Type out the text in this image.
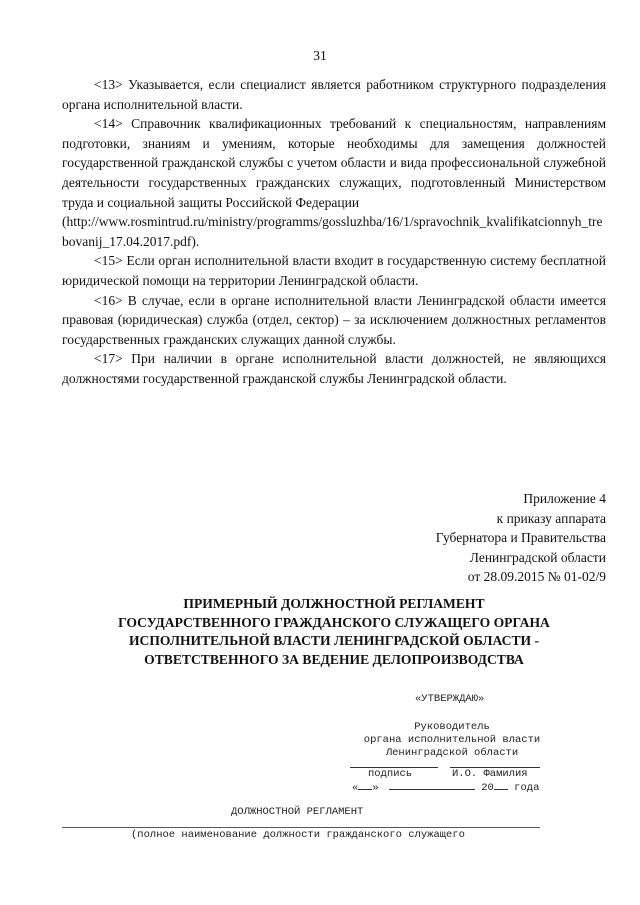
31

<13> Указывается, если специалист является работником структурного подразделения органа исполнительной власти.

<14> Справочник квалификационных требований к специальностям, направлениям подготовки, знаниям и умениям, которые необходимы для замещения должностей государственной гражданской службы с учетом области и вида профессиональной служебной деятельности государственных гражданских служащих, подготовленный Министерством труда и социальной защиты Российской Федерации

(http://www.rosmintrud.ru/ministry/programms/gossluzhba/16/1/spravochnik_kvalifikatcionnyh_trebovanij_17.04.2017.pdf).

<15> Если орган исполнительной власти входит в государственную систему бесплатной юридической помощи на территории Ленинградской области.

<16> В случае, если в органе исполнительной власти Ленинградской области имеется правовая (юридическая) служба (отдел, сектор) – за исключением должностных регламентов государственных гражданских служащих данной службы.

<17> При наличии в органе исполнительной власти должностей, не являющихся должностями государственной гражданской службы Ленинградской области.

Приложение 4
к приказу аппарата
Губернатора и Правительства
Ленинградской области
от 28.09.2015 № 01-02/9
ПРИМЕРНЫЙ ДОЛЖНОСТНОЙ РЕГЛАМЕНТ
ГОСУДАРСТВЕННОГО ГРАЖДАНСКОГО СЛУЖАЩЕГО ОРГАНА
ИСПОЛНИТЕЛЬНОЙ ВЛАСТИ ЛЕНИНГРАДСКОЙ ОБЛАСТИ -
ОТВЕТСТВЕННОГО ЗА ВЕДЕНИЕ ДЕЛОПРОИЗВОДСТВА
«УТВЕРЖДАЮ»
Руководитель
органа исполнительной власти
Ленинградской области
подпись	И.О. Фамилия
« »	20 года
ДОЛЖНОСТНОЙ РЕГЛАМЕНТ
(полное наименование должности гражданского служащего
